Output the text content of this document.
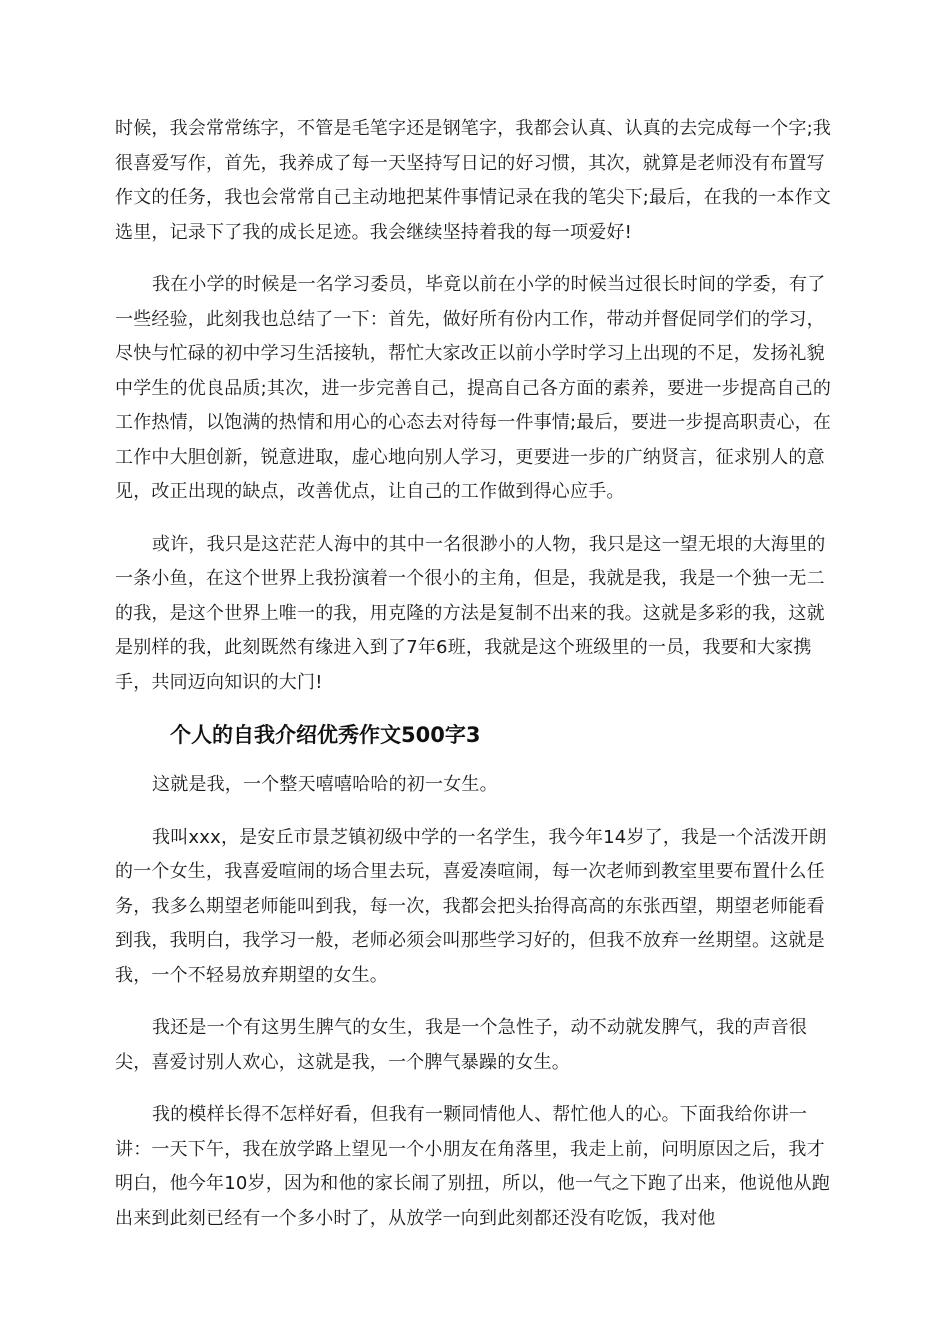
时候，我会常常练字，不管是毛笔字还是钢笔字，我都会认真、认真的去完成每一个字;我很喜爱写作，首先，我养成了每一天坚持写日记的好习惯，其次，就算是老师没有布置写作文的任务，我也会常常自己主动地把某件事情记录在我的笔尖下;最后，在我的一本作文选里，记录下了我的成长足迹。我会继续坚持着我的每一项爱好!

我在小学的时候是一名学习委员，毕竟以前在小学的时候当过很长时间的学委，有了一些经验，此刻我也总结了一下：首先，做好所有份内工作，带动并督促同学们的学习，尽快与忙碌的初中学习生活接轨，帮忙大家改正以前小学时学习上出现的不足，发扬礼貌中学生的优良品质;其次，进一步完善自己，提高自己各方面的素养，要进一步提高自己的工作热情，以饱满的热情和用心的心态去对待每一件事情;最后，要进一步提高职责心，在工作中大胆创新，锐意进取，虚心地向别人学习，更要进一步的广纳贤言，征求别人的意见，改正出现的缺点，改善优点，让自己的工作做到得心应手。

或许，我只是这茫茫人海中的其中一名很渺小的人物，我只是这一望无垠的大海里的一条小鱼，在这个世界上我扮演着一个很小的主角，但是，我就是我，我是一个独一无二的我，是这个世界上唯一的我，用克隆的方法是复制不出来的我。这就是多彩的我，这就是别样的我，此刻既然有缘进入到了7年6班，我就是这个班级里的一员，我要和大家携手，共同迈向知识的大门!

个人的自我介绍优秀作文500字3

这就是我，一个整天嘻嘻哈哈的初一女生。

我叫xxx，是安丘市景芝镇初级中学的一名学生，我今年14岁了，我是一个活泼开朗的一个女生，我喜爱喧闹的场合里去玩，喜爱凑喧闹，每一次老师到教室里要布置什么任务，我多么期望老师能叫到我，每一次，我都会把头抬得高高的东张西望，期望老师能看到我，我明白，我学习一般，老师必须会叫那些学习好的，但我不放弃一丝期望。这就是我，一个不轻易放弃期望的女生。

我还是一个有这男生脾气的女生，我是一个急性子，动不动就发脾气，我的声音很尖，喜爱讨别人欢心，这就是我，一个脾气暴躁的女生。

我的模样长得不怎样好看，但我有一颗同情他人、帮忙他人的心。下面我给你讲一讲：一天下午，我在放学路上望见一个小朋友在角落里，我走上前，问明原因之后，我才明白，他今年10岁，因为和他的家长闹了别扭，所以，他一气之下跑了出来，他说他从跑出来到此刻已经有一个多小时了，从放学一向到此刻都还没有吃饭，我对他
